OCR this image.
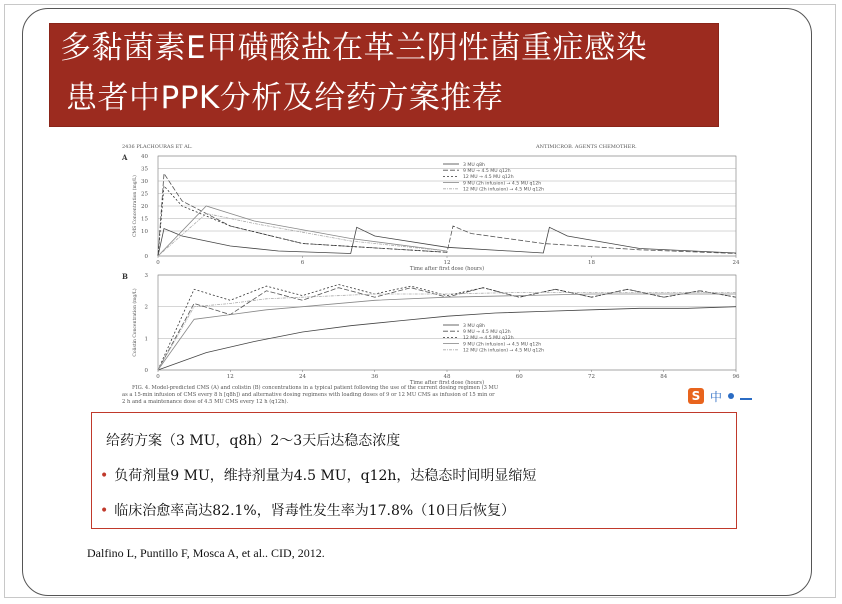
多黏菌素E甲磺酸盐在革兰阴性菌重症感染
患者中PPK分析及给药方案推荐
2436 PLACHOURAS ET AL.	ANTIMICROB. AGENTS CHEMOTHER.
A
0
10
15
20
25
30
35
40
0	6	12	18	24
Time after first dose (hours)
CMS Concentration (mg/L)
3 MU q8h
9 MU → 4.5 MU q12h
12 MU → 4.5 MU q12h
9 MU (2h infusion) → 4.5 MU q12h
12 MU (2h infusion) → 4.5 MU q12h
B
0
1
2
3
0	12	24	36	48	60	72	84	96
Time after first dose (hours)
Colistin Concentration (mg/L)	3 MU q8h
9 MU → 4.5 MU q12h
12 MU → 4.5 MU q12h
9 MU (2h infusion) → 4.5 MU q12h
12 MU (2h infusion) → 4.5 MU q12h
FIG. 4. Model-predicted CMS (A) and colistin (B) concentrations in a typical patient following the use of the current dosing regimen (3 MU
as a 15-min infusion of CMS every 8 h [q8h]) and alternative dosing regimens with loading doses of 9 or 12 MU CMS as infusion of 15 min or
2 h and a maintenance dose of 4.5 MU CMS every 12 h (q12h).	S 中
给药方案（3 MU，q8h）2～3天后达稳态浓度
• 负荷剂量9 MU，维持剂量为4.5 MU，q12h，达稳态时间明显缩短
• 临床治愈率高达82.1%，肾毒性发生率为17.8%（10日后恢复）
Dalfino L, Puntillo F, Mosca A, et al.. CID, 2012.
